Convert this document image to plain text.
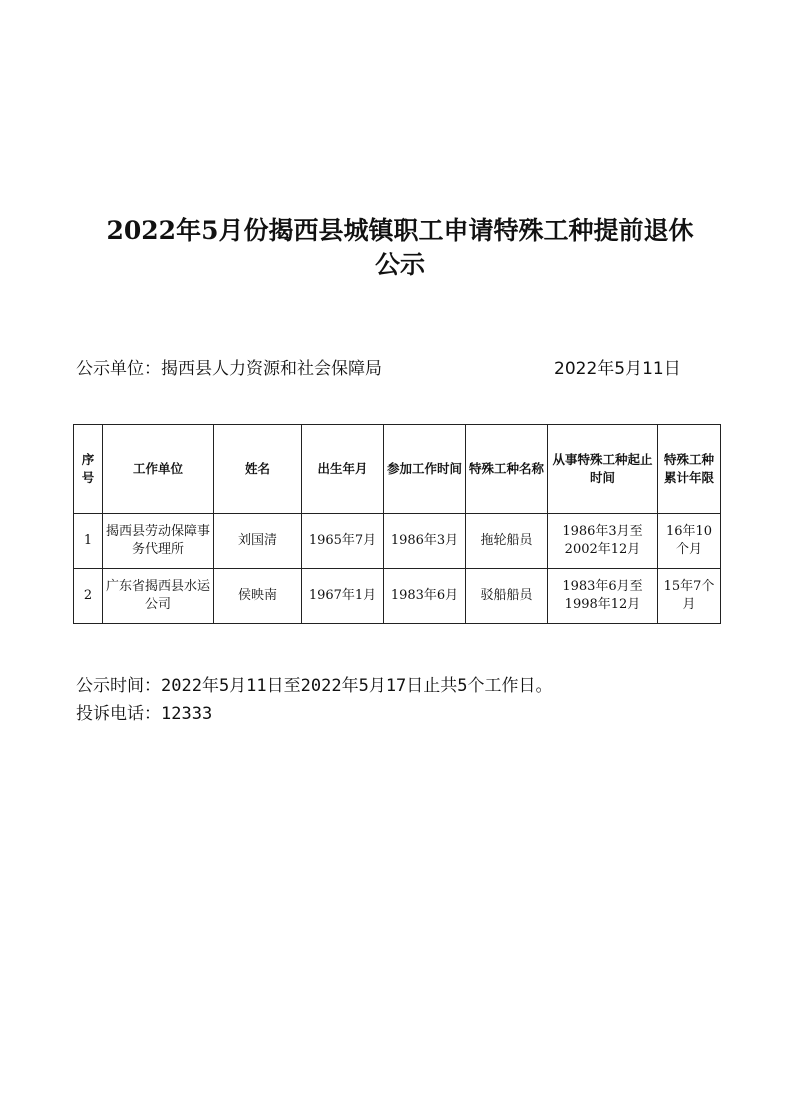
2022年5月份揭西县城镇职工申请特殊工种提前退休
公示
公示单位：揭西县人力资源和社会保障局	2022年5月11日
序号	工作单位	姓名	出生年月	参加工作时间	特殊工种名称	从事特殊工种起止时间	特殊工种累计年限
1	揭西县劳动保障事务代理所	刘国清	1965年7月	1986年3月	拖轮船员	1986年3月至2002年12月	16年10个月
2	广东省揭西县水运公司	侯映南	1967年1月	1983年6月	驳船船员	1983年6月至1998年12月	15年7个月
公示时间：2022年5月11日至2022年5月17日止共5个工作日。
投诉电话：12333
